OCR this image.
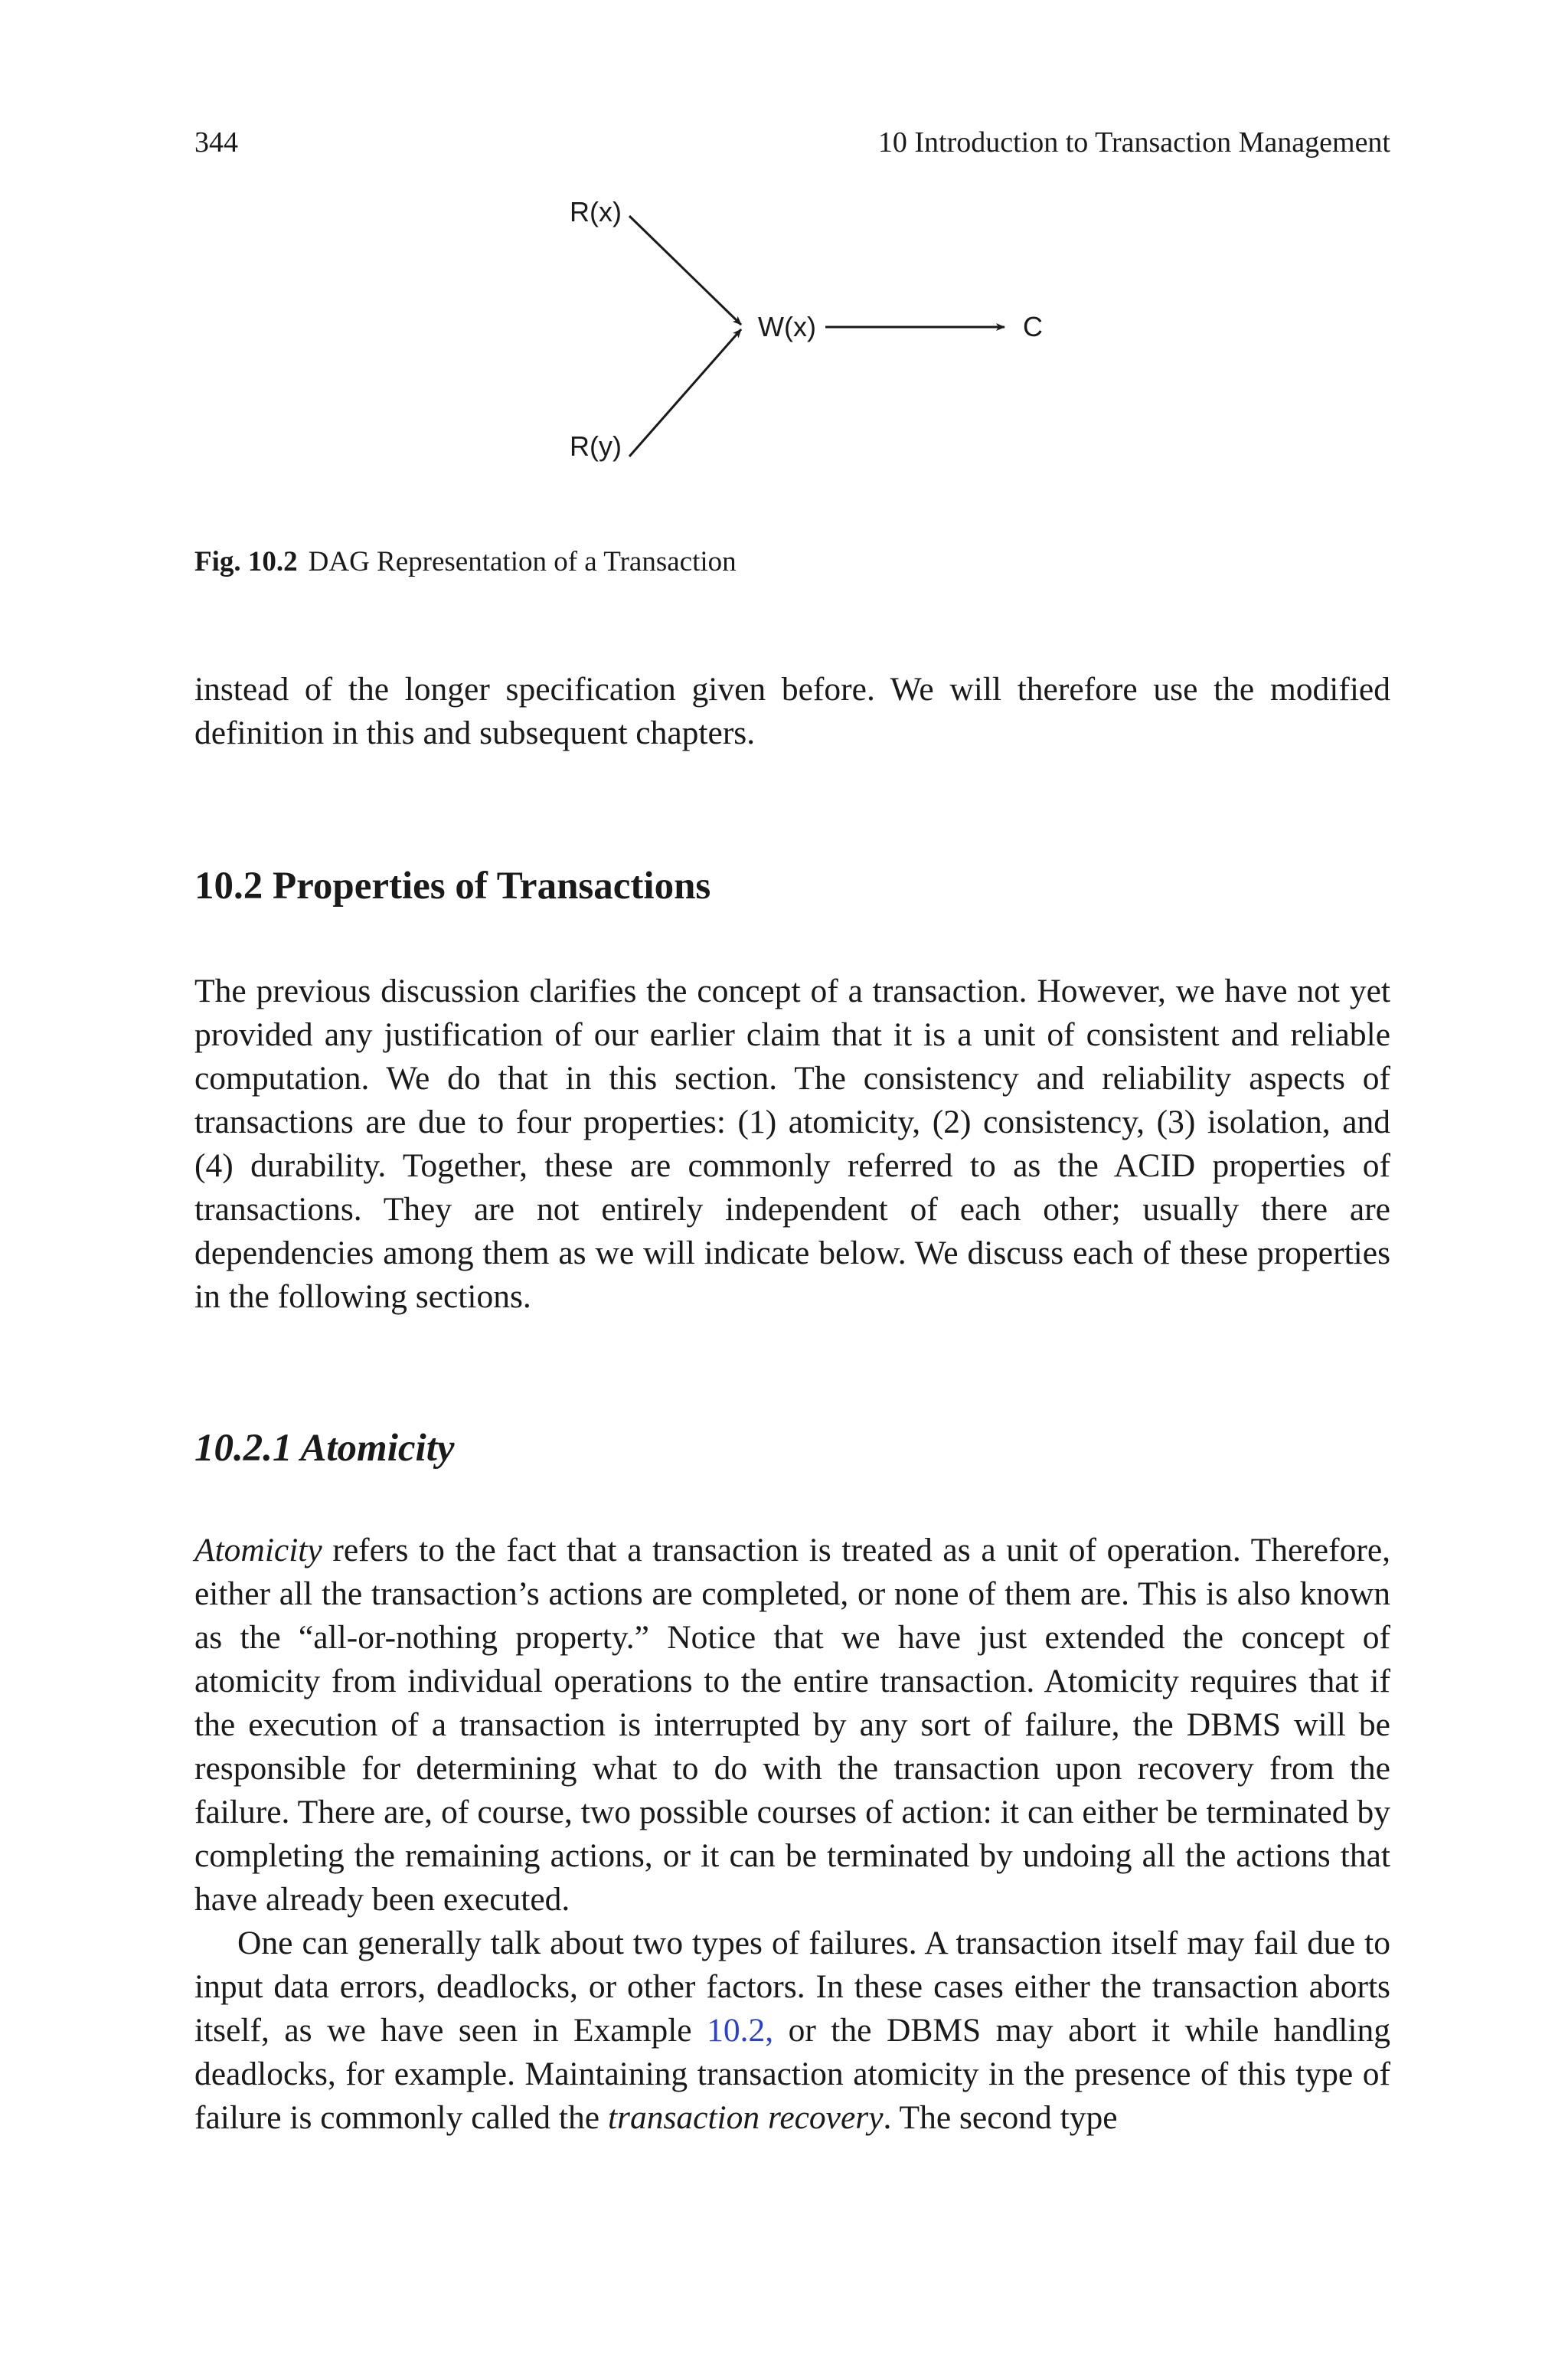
344	10 Introduction to Transaction Management
R(x)
R(y)
W(x)	C
Fig. 10.2 DAG Representation of a Transaction

instead of the longer specification given before. We will therefore use the modified definition in this and subsequent chapters.

10.2 Properties of Transactions

The previous discussion clarifies the concept of a transaction. However, we have not yet provided any justification of our earlier claim that it is a unit of consistent and reliable computation. We do that in this section. The consistency and reliability aspects of transactions are due to four properties: (1) atomicity, (2) consistency, (3) isolation, and (4) durability. Together, these are commonly referred to as the ACID properties of transactions. They are not entirely independent of each other; usually there are dependencies among them as we will indicate below. We discuss each of these properties in the following sections.

10.2.1 Atomicity

Atomicity refers to the fact that a transaction is treated as a unit of operation. Therefore, either all the transaction’s actions are completed, or none of them are. This is also known as the “all-or-nothing property.” Notice that we have just extended the concept of atomicity from individual operations to the entire transaction. Atomicity requires that if the execution of a transaction is interrupted by any sort of failure, the DBMS will be responsible for determining what to do with the transaction upon recovery from the failure. There are, of course, two possible courses of action: it can either be terminated by completing the remaining actions, or it can be terminated by undoing all the actions that have already been executed.

One can generally talk about two types of failures. A transaction itself may fail due to input data errors, deadlocks, or other factors. In these cases either the transaction aborts itself, as we have seen in Example 10.2, or the DBMS may abort it while handling deadlocks, for example. Maintaining transaction atomicity in the presence of this type of failure is commonly called the transaction recovery. The second type
